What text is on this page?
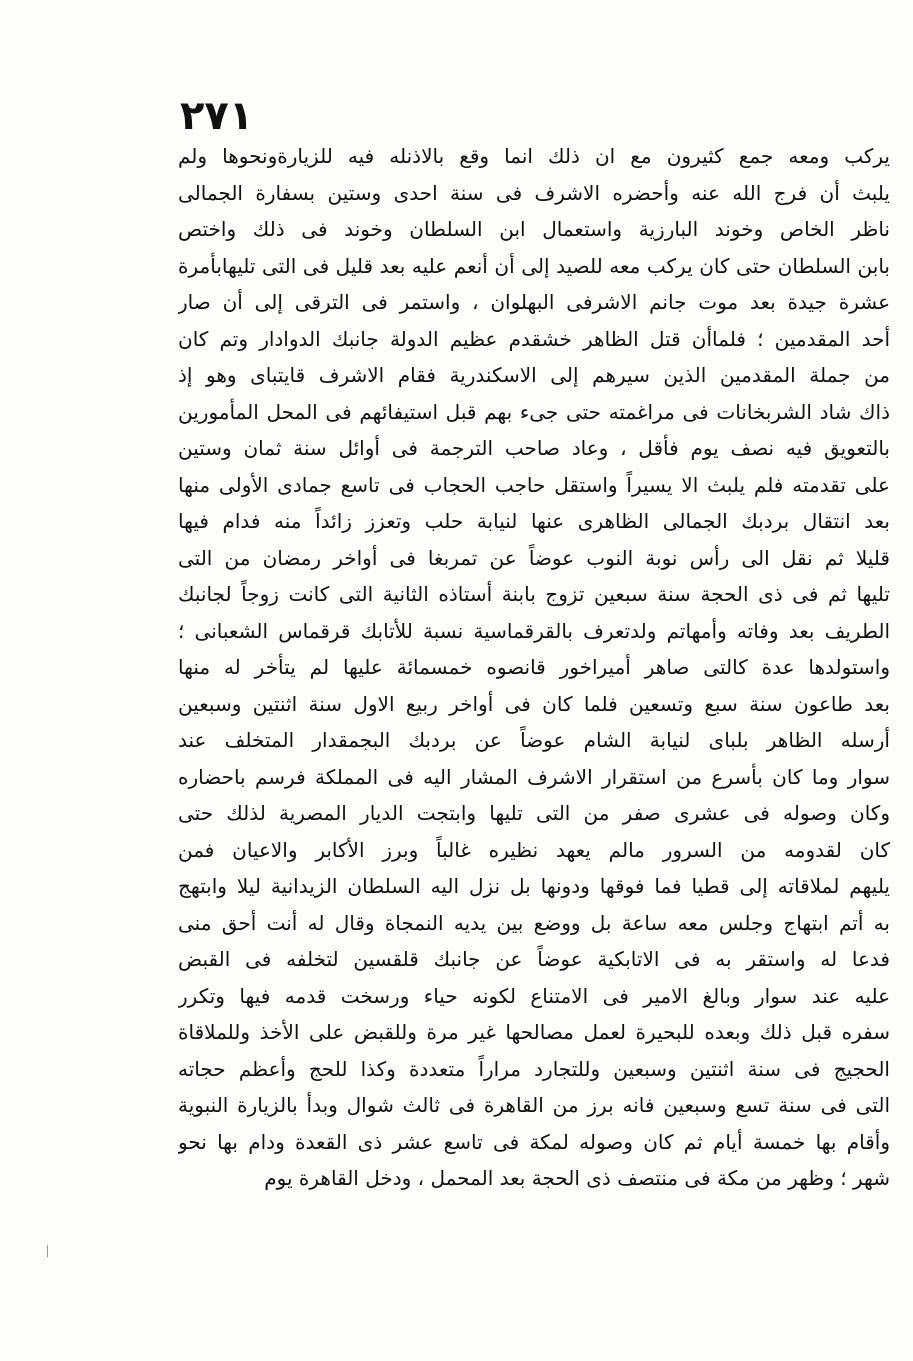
٢٧١
يركب ومعه جمع كثيرون مع ان ذلك انما وقع بالاذنله فيه للزيارةونحوها ولم
يلبث أن فرج الله عنه وأحضره الاشرف فى سنة احدى وستين بسفارة الجمالى
ناظر الخاص وخوند البارزية واستعمال ابن السلطان وخوند فى ذلك واختص
بابن السلطان حتى كان يركب معه للصيد إلى أن أنعم عليه بعد قليل فى التى تليهابأمرة
عشرة جيدة بعد موت جانم الاشرفى البهلوان ، واستمر فى الترقى إلى أن صار
أحد المقدمين ؛ فلماأن قتل الظاهر خشقدم عظيم الدولة جانبك الدوادار وتم كان
من جملة المقدمين الذين سيرهم إلى الاسكندرية فقام الاشرف قايتباى وهو إذ
ذاك شاد الشربخانات فى مراغمته حتى جىء بهم قبل استيفائهم فى المحل المأمورين
بالتعويق فيه نصف يوم فأقل ، وعاد صاحب الترجمة فى أوائل سنة ثمان وستين
على تقدمته فلم يلبث الا يسيراً واستقل حاجب الحجاب فى تاسع جمادى الأولى منها
بعد انتقال بردبك الجمالى الظاهرى عنها لنيابة حلب وتعزز زائداً منه فدام فيها
قليلا ثم نقل الى رأس نوبة النوب عوضاً عن تمربغا فى أواخر رمضان من التى
تليها ثم فى ذى الحجة سنة سبعين تزوج بابنة أستاذه الثانية التى كانت زوجاً لجانبك
الطريف بعد وفاته وأمهاتم ولدتعرف بالقرقماسية نسبة للأتابك قرقماس الشعبانى ؛
واستولدها عدة كالتى صاهر أميراخور قانصوه خمسمائة عليها لم يتأخر له منها
بعد طاعون سنة سبع وتسعين فلما كان فى أواخر ربيع الاول سنة اثنتين وسبعين
أرسله الظاهر بلباى لنيابة الشام عوضاً عن بردبك البجمقدار المتخلف عند
سوار وما كان بأسرع من استقرار الاشرف المشار اليه فى المملكة فرسم باحضاره
وكان وصوله فى عشرى صفر من التى تليها وابتجت الديار المصرية لذلك حتى
كان لقدومه من السرور مالم يعهد نظيره غالباً وبرز الأكابر والاعيان فمن
يليهم لملاقاته إلى قطيا فما فوقها ودونها بل نزل اليه السلطان الزيدانية ليلا وابتهج
به أتم ابتهاج وجلس معه ساعة بل ووضع بين يديه النمجاة وقال له أنت أحق منى
فدعا له واستقر به فى الاتابكية عوضاً عن جانبك قلقسين لتخلفه فى القبض
عليه عند سوار وبالغ الامير فى الامتناع لكونه حياء ورسخت قدمه فيها وتكرر
سفره قبل ذلك وبعده للبحيرة لعمل مصالحها غير مرة وللقبض على الأخذ وللملاقاة
الحجيج فى سنة اثنتين وسبعين وللتجارد مراراً متعددة وكذا للحج وأعظم حجاته
التى فى سنة تسع وسبعين فانه برز من القاهرة فى ثالث شوال وبدأ بالزيارة النبوية
وأقام بها خمسة أيام ثم كان وصوله لمكة فى تاسع عشر ذى القعدة ودام بها نحو
شهر ؛ وظهر من مكة فى منتصف ذى الحجة بعد المحمل ، ودخل القاهرة يوم
